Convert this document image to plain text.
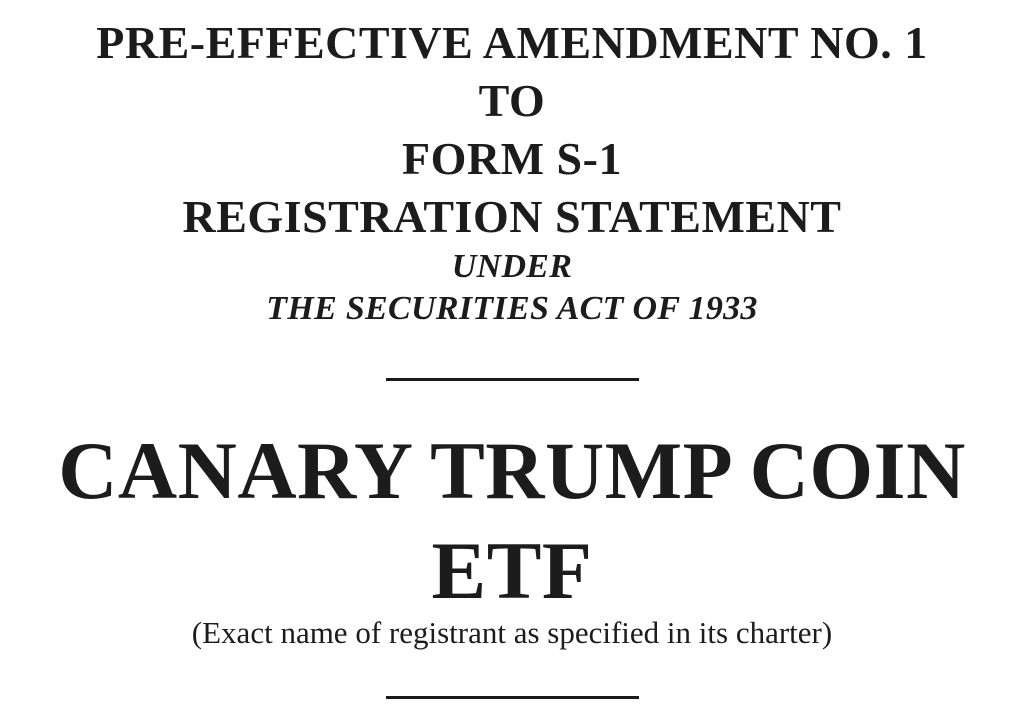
PRE-EFFECTIVE AMENDMENT NO. 1
TO
FORM S-1
REGISTRATION STATEMENT
UNDER
THE SECURITIES ACT OF 1933
CANARY TRUMP COIN
ETF
(Exact name of registrant as specified in its charter)
